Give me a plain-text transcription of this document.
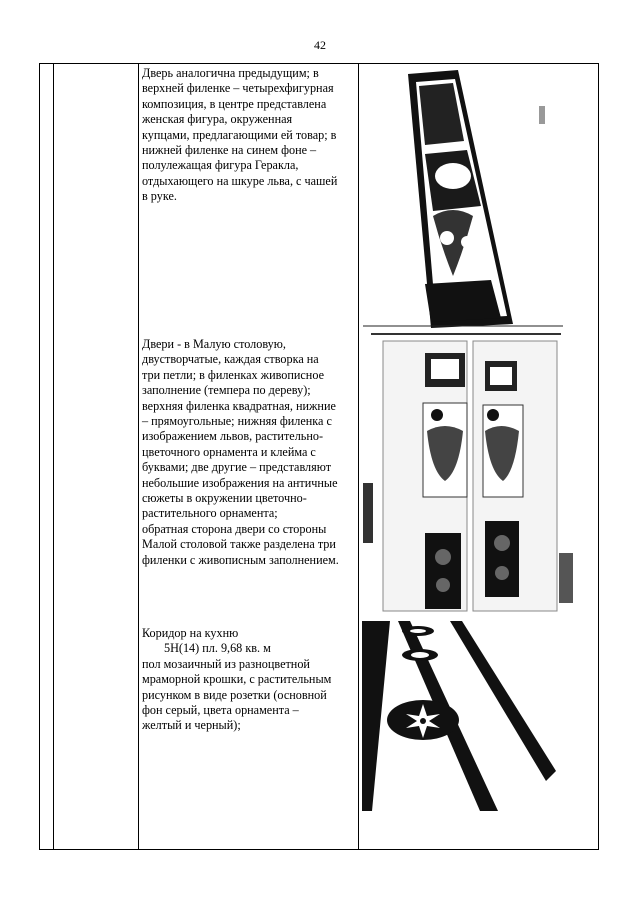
42

Дверь аналогична предыдущим; в

верхней филенке – четырехфигурная

композиция, в центре представлена

женская фигура, окруженная

купцами, предлагающими ей товар; в

нижней филенке на синем фоне –

полулежащая фигура Геракла,

отдыхающего на шкуре льва, с чашей

в руке.

Двери - в Малую столовую,

двустворчатые, каждая створка на

три петли; в филенках живописное

заполнение (темпера по дереву);

верхняя филенка квадратная, нижние

– прямоугольные; нижняя филенка с

изображением львов, растительно-

цветочного орнамента и клейма с

буквами; две другие – представляют

небольшие изображения на античные

сюжеты в окружении цветочно-

растительного орнамента;

обратная сторона двери со стороны

Малой столовой также разделена три

филенки с живописным заполнением.

Коридор на кухню

5Н(14) пл. 9,68 кв. м

пол мозаичный из разноцветной

мраморной крошки, с растительным

рисунком в виде розетки (основной

фон серый, цвета орнамента –

желтый и черный);
